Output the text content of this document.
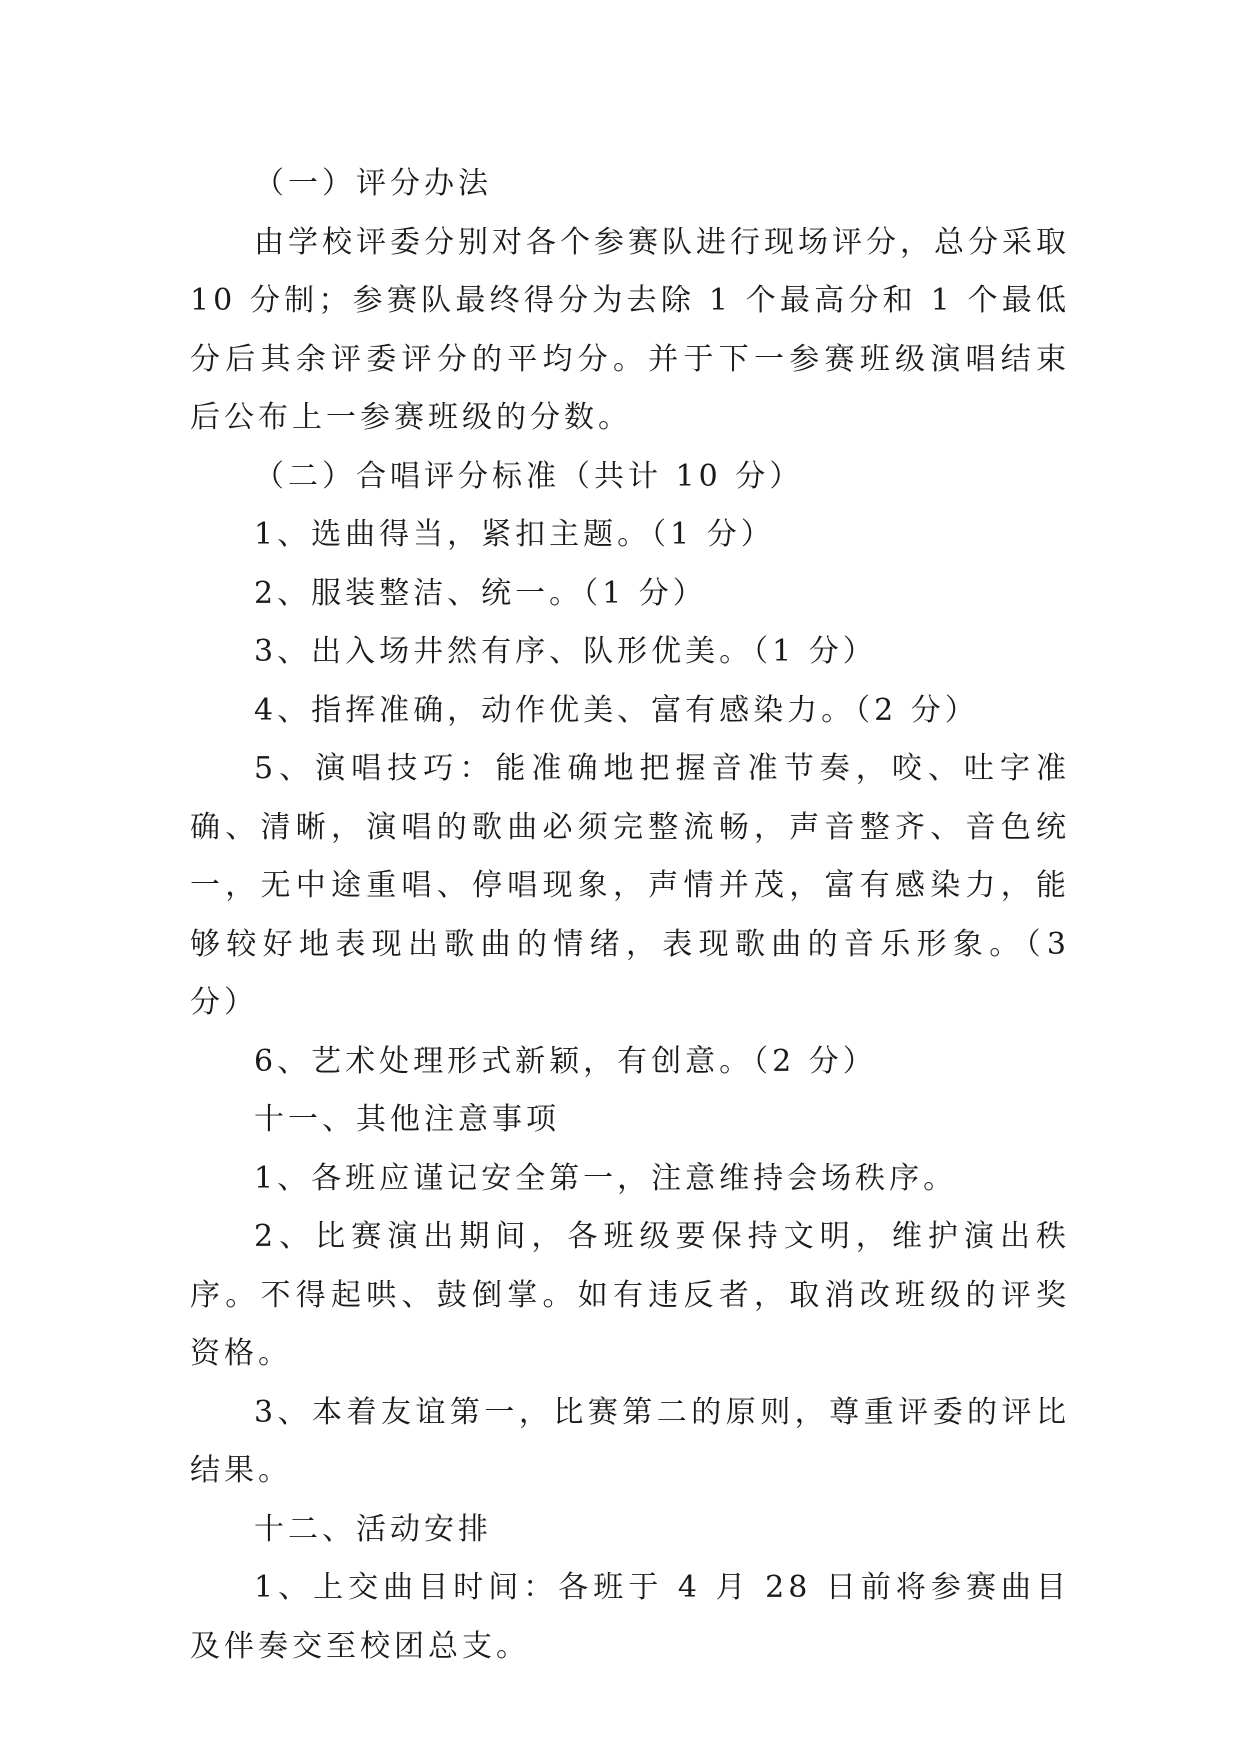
（一）评分办法

由学校评委分别对各个参赛队进行现场评分，总分采取 10 分制；参赛队最终得分为去除 1 个最高分和 1 个最低分后其余评委评分的平均分。并于下一参赛班级演唱结束后公布上一参赛班级的分数。

（二）合唱评分标准（共计 10 分）

1、选曲得当，紧扣主题。（1 分）

2、服装整洁、统一。（1 分）

3、出入场井然有序、队形优美。（1 分）

4、指挥准确，动作优美、富有感染力。（2 分）

5、演唱技巧：能准确地把握音准节奏，咬、吐字准确、清晰，演唱的歌曲必须完整流畅，声音整齐、音色统一，无中途重唱、停唱现象，声情并茂，富有感染力，能够较好地表现出歌曲的情绪，表现歌曲的音乐形象。（3 分）

6、艺术处理形式新颖，有创意。（2 分）

十一、其他注意事项

1、各班应谨记安全第一，注意维持会场秩序。

2、比赛演出期间，各班级要保持文明，维护演出秩序。不得起哄、鼓倒掌。如有违反者，取消改班级的评奖资格。

3、本着友谊第一，比赛第二的原则，尊重评委的评比结果。

十二、活动安排

1、上交曲目时间：各班于 4 月 28 日前将参赛曲目及伴奏交至校团总支。
